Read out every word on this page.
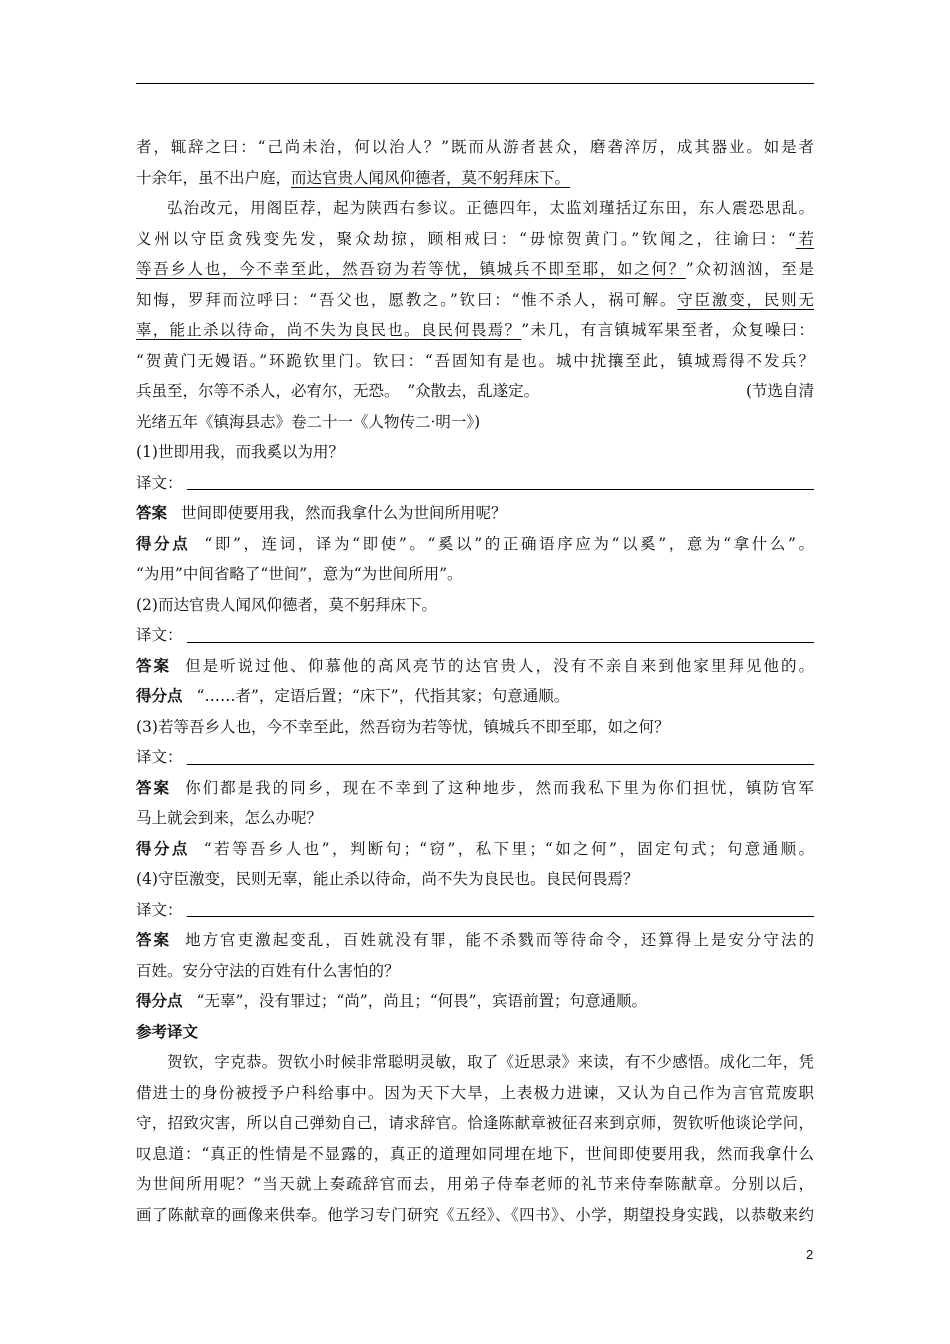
者，辄辞之曰：“己尚未治，何以治人？”既而从游者甚众，磨砻淬厉，成其器业。如是者

十余年，虽不出户庭，而达官贵人闻风仰德者，莫不躬拜床下。

弘治改元，用阁臣荐，起为陕西右参议。正德四年，太监刘瑾括辽东田，东人震恐思乱。

义州以守臣贪残变先发，聚众劫掠，顾相戒曰：“毋惊贺黄门。”钦闻之，往谕曰：“若

等吾乡人也，今不幸至此，然吾窃为若等忧，镇城兵不即至耶，如之何？”众初汹汹，至是

知悔，罗拜而泣呼曰：“吾父也，愿教之。”钦曰：“惟不杀人，祸可解。守臣激变，民则无

辜，能止杀以待命，尚不失为良民也。良民何畏焉？”未几，有言镇城军果至者，众复噪曰：

“贺黄门无嫚语。”环跪钦里门。钦曰：“吾固知有是也。城中扰攘至此，镇城焉得不发兵？

兵虽至，尔等不杀人，必宥尔，无恐。　”众散去，乱遂定。	(节选自清

光绪五年《镇海县志》卷二十一《人物传二·明一》)

(1)世即用我，而我奚以为用？

译文：

答案 世间即使要用我，然而我拿什么为世间所用呢？

得分点 “即”，连词，译为“即使”。“奚以”的正确语序应为“以奚”，意为“拿什么”。

“为用”中间省略了“世间”，意为“为世间所用”。

(2)而达官贵人闻风仰德者，莫不躬拜床下。

译文：

答案 但是听说过他、仰慕他的高风亮节的达官贵人，没有不亲自来到他家里拜见他的。

得分点 “……者”，定语后置；“床下”，代指其家；句意通顺。

(3)若等吾乡人也，今不幸至此，然吾窃为若等忧，镇城兵不即至耶，如之何？

译文：

答案 你们都是我的同乡，现在不幸到了这种地步，然而我私下里为你们担忧，镇防官军

马上就会到来，怎么办呢？

得分点 “若等吾乡人也”，判断句；“窃”，私下里；“如之何”，固定句式；句意通顺。

(4)守臣激变，民则无辜，能止杀以待命，尚不失为良民也。良民何畏焉？

译文：

答案 地方官吏激起变乱，百姓就没有罪，能不杀戮而等待命令，还算得上是安分守法的

百姓。安分守法的百姓有什么害怕的？

得分点 “无辜”，没有罪过；“尚”，尚且；“何畏”，宾语前置；句意通顺。

参考译文

贺钦，字克恭。贺钦小时候非常聪明灵敏，取了《近思录》来读，有不少感悟。成化二年，凭

借进士的身份被授予户科给事中。因为天下大旱，上表极力进谏，又认为自己作为言官荒废职

守，招致灾害，所以自己弹劾自己，请求辞官。恰逢陈献章被征召来到京师，贺钦听他谈论学问，

叹息道：“真正的性情是不显露的，真正的道理如同埋在地下，世间即使要用我，然而我拿什么

为世间所用呢？”当天就上奏疏辞官而去，用弟子侍奉老师的礼节来侍奉陈献章。分别以后，

画了陈献章的画像来供奉。他学习专门研究《五经》、《四书》、小学，期望投身实践，以恭敬来约

2
